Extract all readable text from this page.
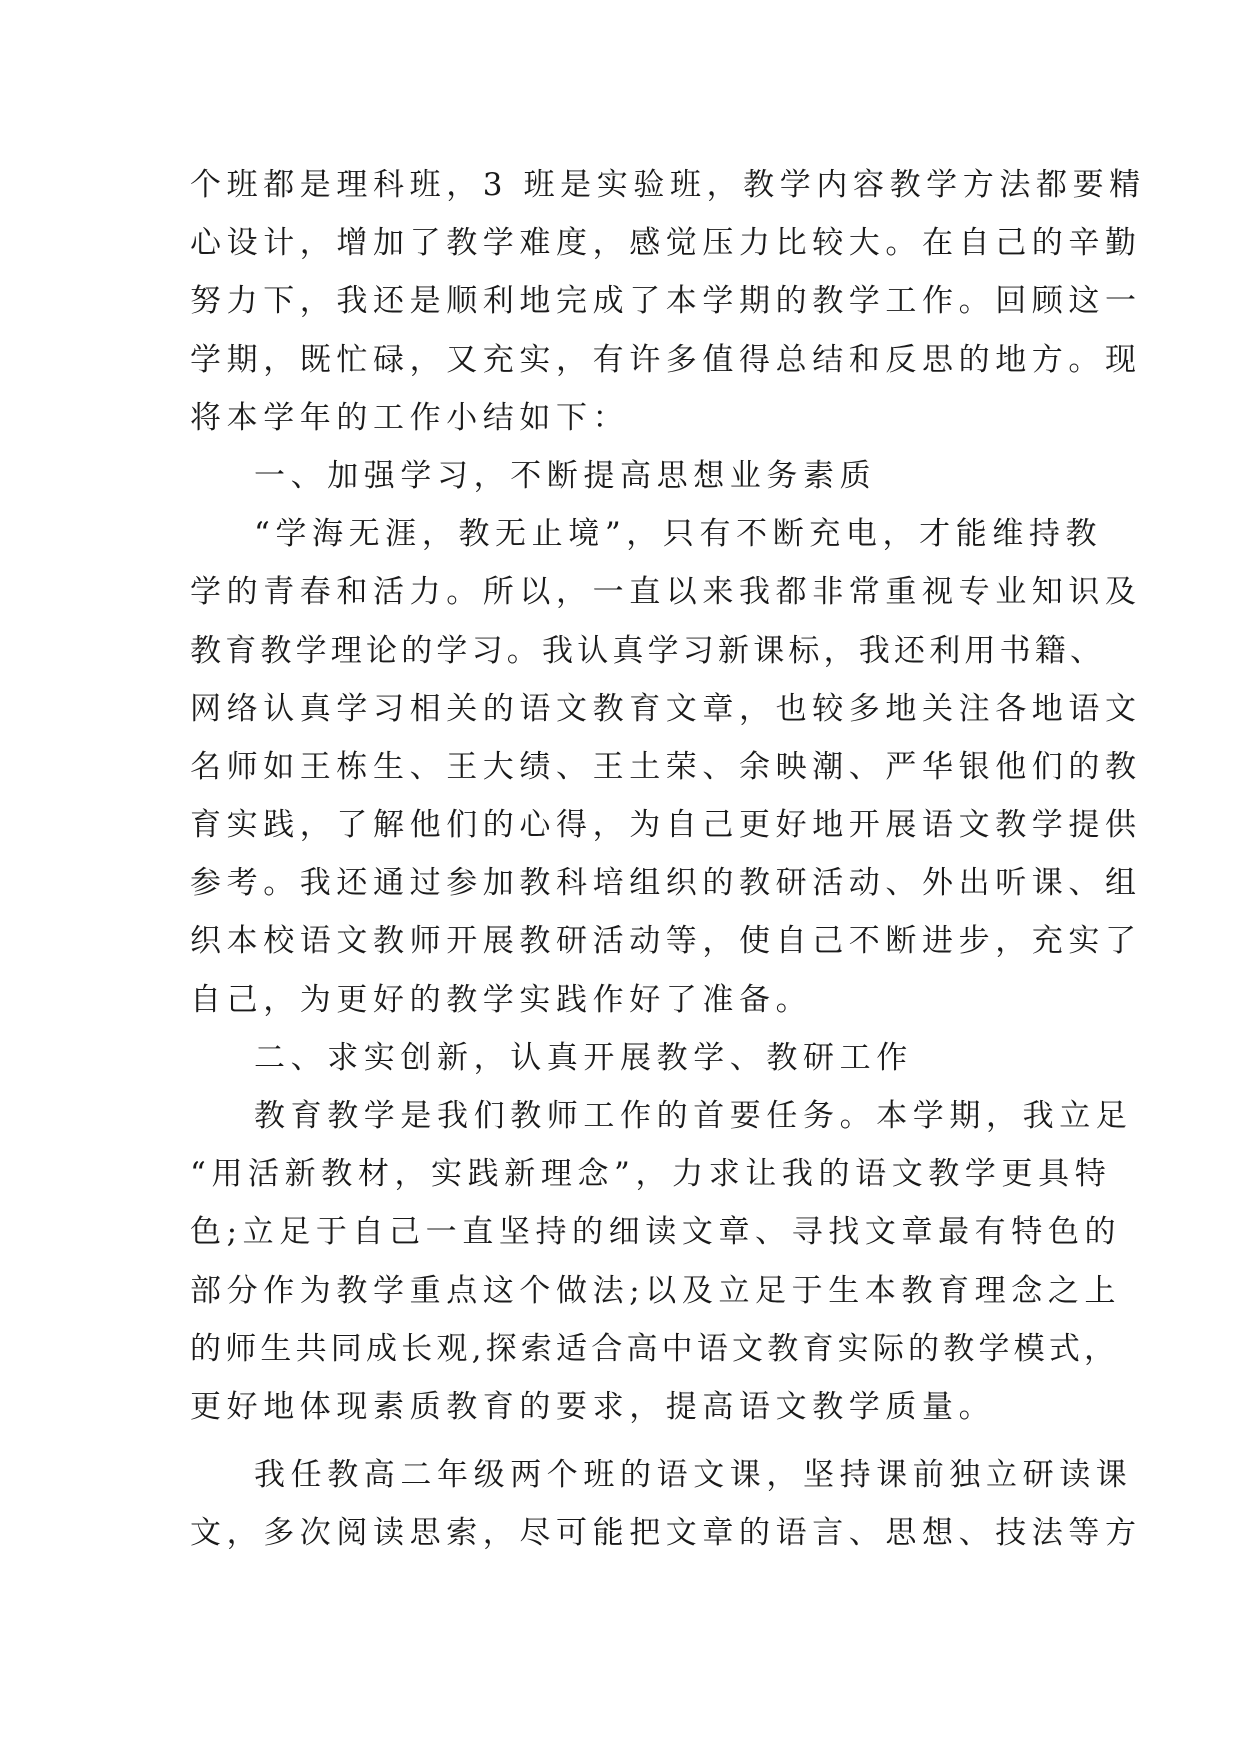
个班都是理科班，3 班是实验班，教学内容教学方法都要精
心设计，增加了教学难度，感觉压力比较大。在自己的辛勤
努力下，我还是顺利地完成了本学期的教学工作。回顾这一
学期，既忙碌，又充实，有许多值得总结和反思的地方。现
将本学年的工作小结如下：
一、加强学习，不断提高思想业务素质
“学海无涯，教无止境”，只有不断充电，才能维持教
学的青春和活力。所以，一直以来我都非常重视专业知识及
教育教学理论的学习。我认真学习新课标，我还利用书籍、
网络认真学习相关的语文教育文章，也较多地关注各地语文
名师如王栋生、王大绩、王土荣、余映潮、严华银他们的教
育实践，了解他们的心得，为自己更好地开展语文教学提供
参考。我还通过参加教科培组织的教研活动、外出听课、组
织本校语文教师开展教研活动等，使自己不断进步，充实了
自己，为更好的教学实践作好了准备。
二、求实创新，认真开展教学、教研工作
教育教学是我们教师工作的首要任务。本学期，我立足
“用活新教材，实践新理念”，力求让我的语文教学更具特
色;立足于自己一直坚持的细读文章、寻找文章最有特色的
部分作为教学重点这个做法;以及立足于生本教育理念之上
的师生共同成长观,探索适合高中语文教育实际的教学模式，
更好地体现素质教育的要求，提高语文教学质量。
我任教高二年级两个班的语文课，坚持课前独立研读课
文，多次阅读思索，尽可能把文章的语言、思想、技法等方
